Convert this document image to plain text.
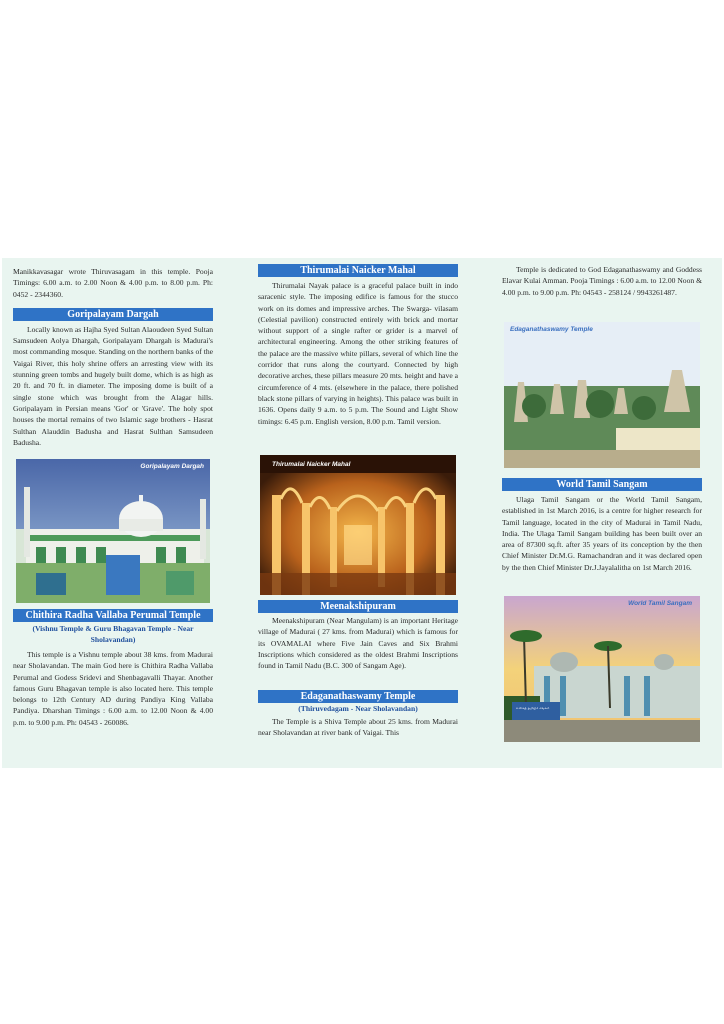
Manikkavasagar wrote Thiruvasagam in this temple. Pooja Timings: 6.00 a.m. to 2.00 Noon & 4.00 p.m. to 8.00 p.m. Ph: 0452 - 2344360.

Goripalayam Dargah

Locally known as Hajha Syed Sultan Alaoudeen Syed Sultan Samsudeen Aolya Dhargah, Goripalayam Dhargah is Madurai's most commanding mosque. Standing on the northern banks of the Vaigai River, this holy shrine offers an arresting view with its stunning green tombs and hugely built dome, which is as high as 20 ft. and 70 ft. in diameter. The imposing dome is built of a single stone which was brought from the Alagar hills. Goripalayam in Persian means 'Gor' or 'Grave'. The holy spot houses the mortal remains of two Islamic sage brothers - Hasrat Sulthan Alauddin Badusha and Hasrat Sulthan Samsudeen Badusha.

Goripalayam Dargah
Chithira Radha Vallaba Perumal Temple

(Vishnu Temple & Guru Bhagavan Temple - Near Sholavandan)

This temple is a Vishnu temple about 38 kms. from Madurai near Sholavandan. The main God here is Chithira Radha Vallaba Perumal and Godess Sridevi and Shenbagavalli Thayar. Another famous Guru Bhagavan temple is also located here. This temple belongs to 12th Century AD during Pandiya King Vallaba Pandiya. Dharshan Timings : 6.00 a.m. to 12.00 Noon & 4.00 p.m. to 9.00 p.m. Ph: 04543 - 260086.

Thirumalai Naicker Mahal

Thirumalai Nayak palace is a graceful palace built in indo saracenic style. The imposing edifice is famous for the stucco work on its domes and impressive arches. The Swarga- vilasam (Celestial pavilion) constructed entirely with brick and mortar without support of a single rafter or grider is a marvel of architectural engineering. Among the other striking features of the palace are the massive white pillars, several of which line the corridor that runs along the courtyard. Connected by high decorative arches, these pillars measure 20 mts. height and have a circumference of 4 mts. (elsewhere in the palace, there polished black stone pillars of varying in heights). This palace was built in 1636. Opens daily 9 a.m. to 5 p.m. The Sound and Light Show timings: 6.45 p.m. English version, 8.00 p.m. Tamil version.

Thirumalai Naicker Mahal
Meenakshipuram

Meenakshipuram (Near Mangulam) is an important Heritage village of Madurai ( 27 kms. from Madurai) which is famous for its OVAMALAI where Five Jain Caves and Six Brahmi Inscriptions which considered as the oldest Brahmi Inscriptions found in Tamil Nadu (B.C. 300 of Sangam Age).

Edaganathaswamy Temple

(Thiruvedagam - Near Sholavandan)

The Temple is a Shiva Temple about 25 kms. from Madurai near Sholavandan at river bank of Vaigai. This

Temple is dedicated to God Edaganathaswamy and Goddess Elavar Kulai Amman. Pooja Timings : 6.00 a.m. to 12.00 Noon & 4.00 p.m. to 9.00 p.m. Ph: 04543 - 258124 / 9943261487.

Edaganathaswamy Temple
World Tamil Sangam

Ulaga Tamil Sangam or the World Tamil Sangam, established in 1st March 2016, is a centre for higher research for Tamil language, located in the city of Madurai in Tamil Nadu, India. The Ulaga Tamil Sangam building has been built over an area of 87300 sq.ft. after 35 years of its conception by the then Chief Minister Dr.M.G. Ramachandran and it was declared open by the then Chief Minister Dr.J.Jayalalitha on 1st March 2016.

World Tamil Sangam
உலகத் தமிழ்ச் சங்கம்
